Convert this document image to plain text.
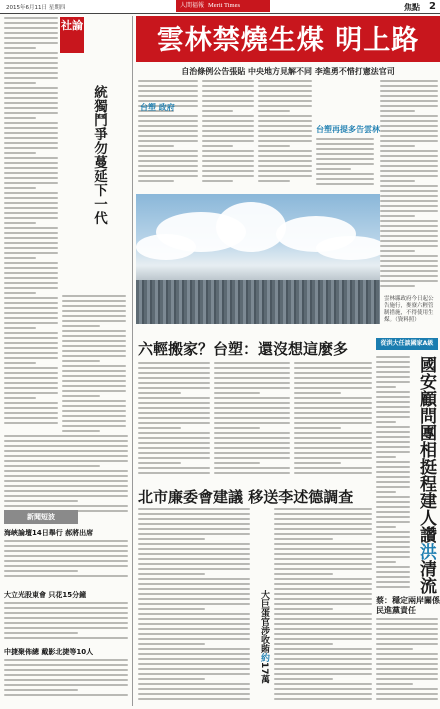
2015年6月11日 星期四	人間福報 Merit Times	焦點 2
社論
統獨鬥爭勿蔓延下一代
新聞短波
海峽論壇14日舉行 郝將出席
大立光股東會 只花15分鐘
中捷聚佈總 戴影北捷等10人
雲林禁燒生煤 明上路
自治條例公告張貼 中央地方見解不同 李進勇不惜打憲法官司
台塑 政府
台塑再提多告雲林
雲林縣政府今日起公告施行，麥寮六輕管制措施，不得使用生煤。（資料照）
六輕搬家？台塑：還沒想這麼多
北市廉委會建議 移送李述德調查
大巨蛋官涉收賄約17萬
從洪大任談國家A級
國安顧問團相挺程建人讚洪清流
蔡：穩定兩岸關係 民進黨責任
